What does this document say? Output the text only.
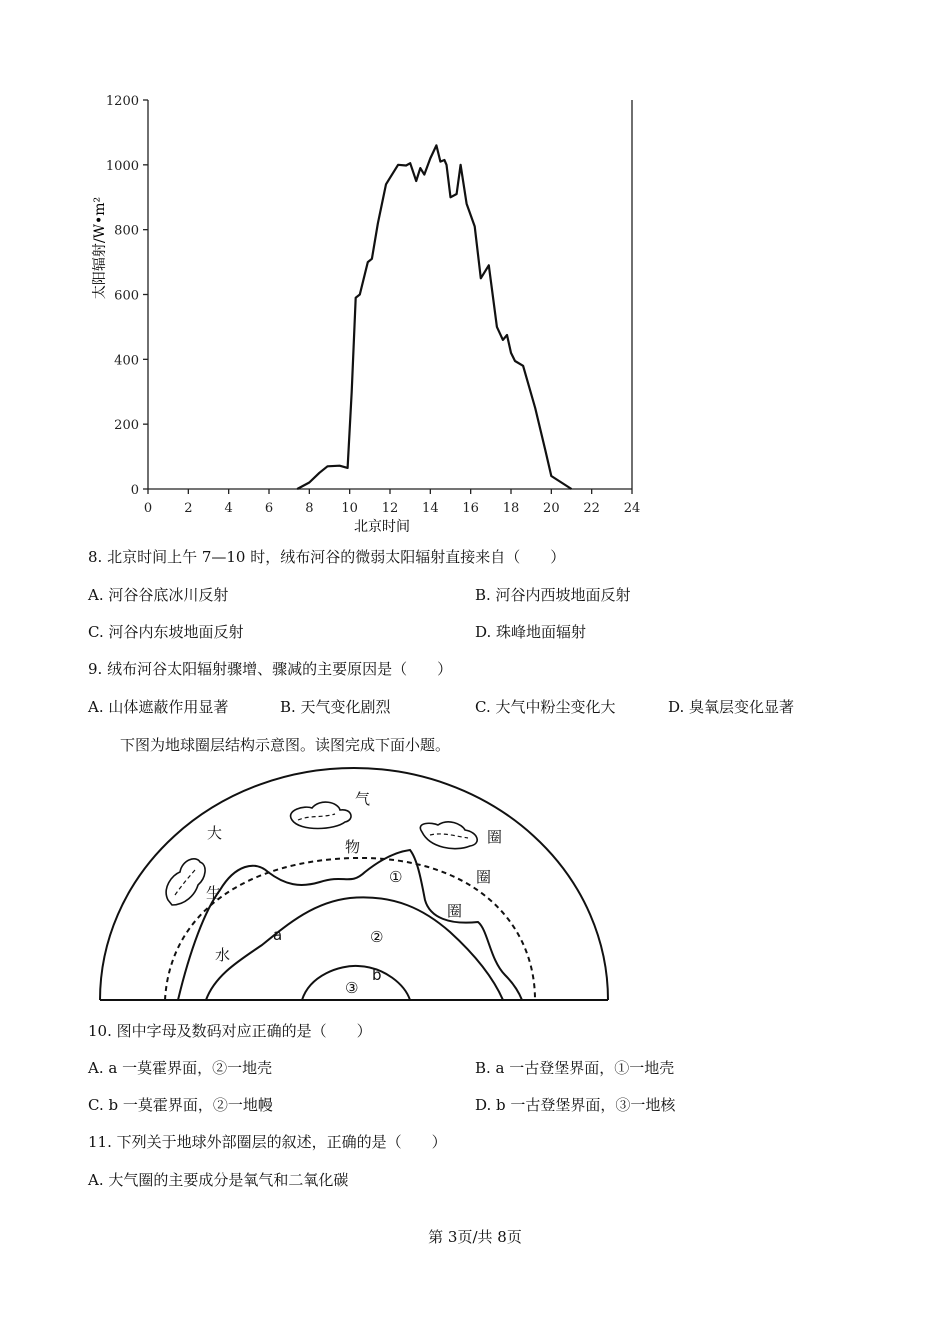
0 2 4 6 8 10 12 14 16 18 20 22 24
0
200
400
600
800
1000
1200
北京时间
太阳辐射/W•m²
8. 北京时间上午 7—10 时，绒布河谷的微弱太阳辐射直接来自（　　）
A. 河谷谷底冰川反射	B. 河谷内西坡地面反射
C. 河谷内东坡地面反射	D. 珠峰地面辐射
9. 绒布河谷太阳辐射骤增、骤减的主要原因是（　　）
A. 山体遮蔽作用显著	B. 天气变化剧烈	C. 大气中粉尘变化大	D. 臭氧层变化显著
下图为地球圈层结构示意图。读图完成下面小题。
大
气
圈
物
生
圈
圈
水
a
b
①
②
③
10. 图中字母及数码对应正确的是（　　）
A. a 一莫霍界面，②一地壳	B. a 一古登堡界面，①一地壳
C. b 一莫霍界面，②一地幔	D. b 一古登堡界面，③一地核
11. 下列关于地球外部圈层的叙述，正确的是（　　）
A. 大气圈的主要成分是氧气和二氧化碳
第 3页/共 8页
